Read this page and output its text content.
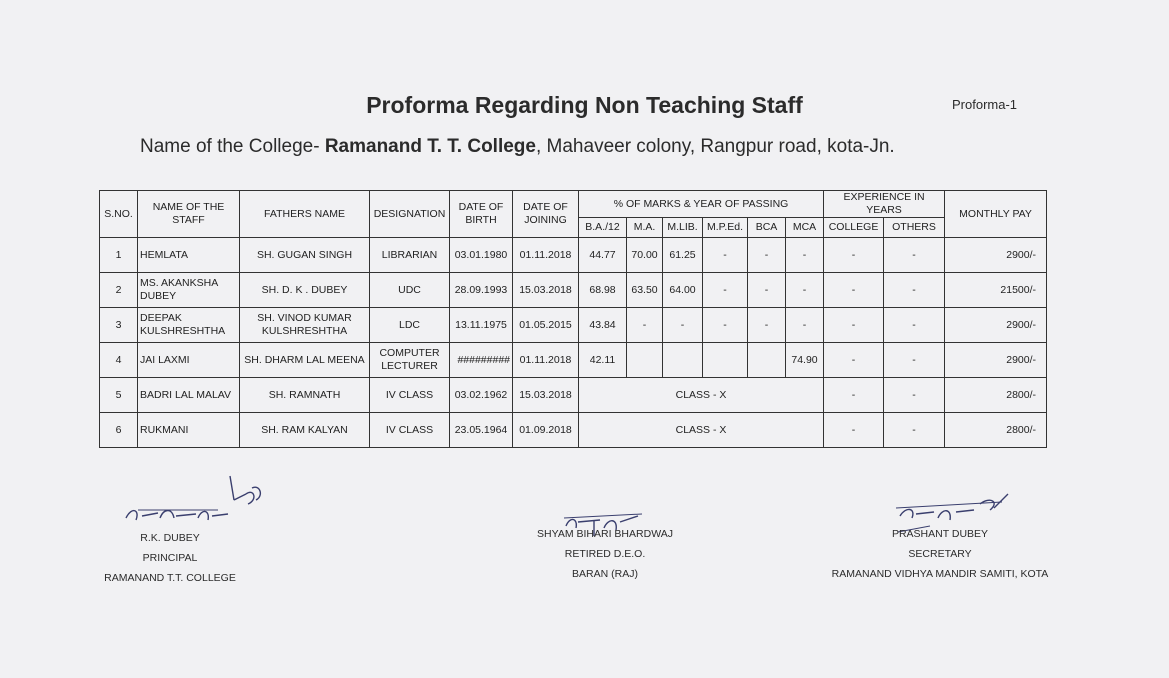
Proforma Regarding Non Teaching Staff	Proforma-1
Name of the College- Ramanand T. T. College, Mahaveer colony, Rangpur road, kota-Jn.
S.NO.	NAME OF THE STAFF	FATHERS NAME	DESIGNATION	DATE OF BIRTH	DATE OF JOINING	% OF MARKS & YEAR OF PASSING						EXPERIENCE IN YEARS		MONTHLY PAY
						B.A./12	M.A.	M.LIB.	M.P.Ed.	BCA	MCA	COLLEGE	OTHERS	
1	HEMLATA	SH. GUGAN SINGH	LIBRARIAN	03.01.1980	01.11.2018	44.77	70.00	61.25	-	-	-	-	-	2900/-
2	MS. AKANKSHA DUBEY	SH. D. K . DUBEY	UDC	28.09.1993	15.03.2018	68.98	63.50	64.00	-	-	-	-	-	21500/-
3	DEEPAK KULSHRESHTHA	SH. VINOD KUMAR KULSHRESHTHA	LDC	13.11.1975	01.05.2015	43.84	-	-	-	-	-	-	-	2900/-
4	JAI LAXMI	SH. DHARM LAL MEENA	COMPUTER LECTURER	#########	01.11.2018	42.11					74.90	-	-	2900/-
5	BADRI LAL MALAV	SH. RAMNATH	IV CLASS	03.02.1962	15.03.2018	CLASS - X						-	-	2800/-
6	RUKMANI	SH. RAM KALYAN	IV CLASS	23.05.1964	01.09.2018	CLASS - X						-	-	2800/-
R.K. DUBEY
PRINCIPAL
RAMANAND T.T. COLLEGE
SHYAM BIHARI BHARDWAJ
RETIRED D.E.O.
BARAN (RAJ)
PRASHANT DUBEY
SECRETARY
RAMANAND VIDHYA MANDIR SAMITI, KOTA
